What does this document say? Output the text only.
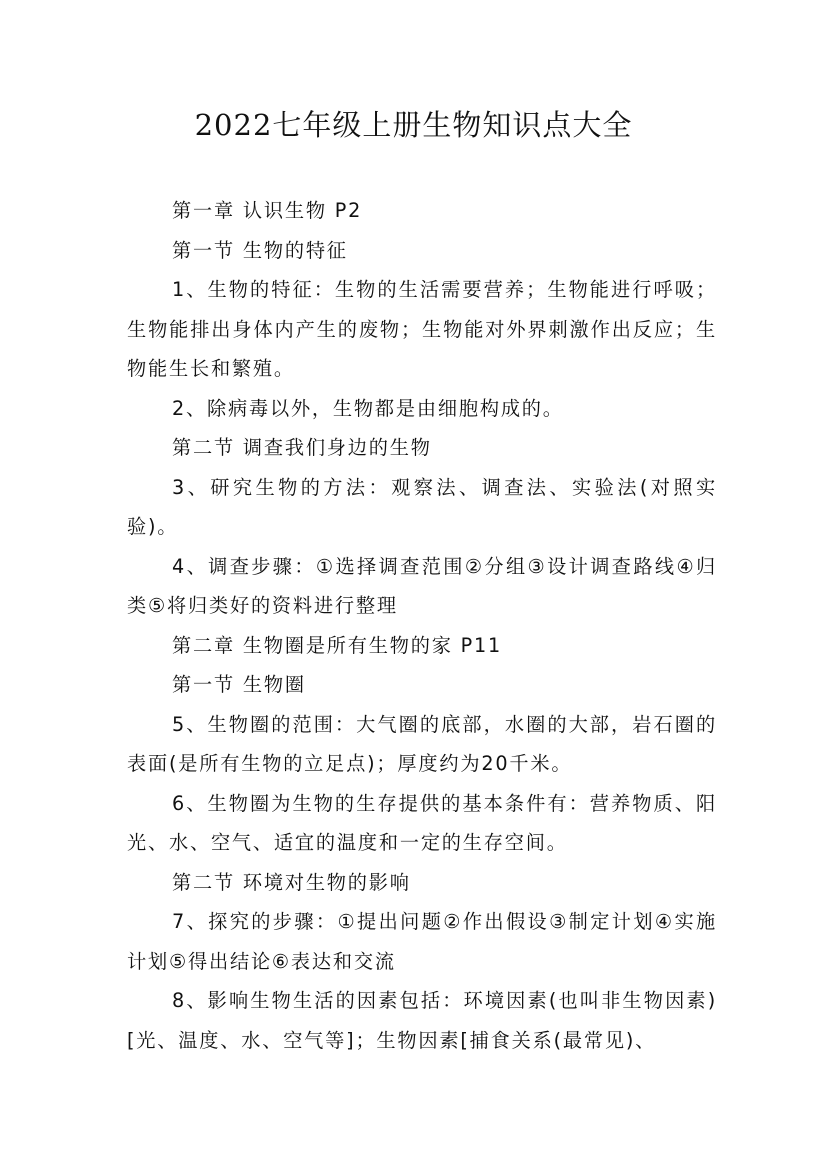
2022七年级上册生物知识点大全

第一章 认识生物 P2

第一节 生物的特征

1、生物的特征：生物的生活需要营养；生物能进行呼吸；生物能排出身体内产生的废物；生物能对外界刺激作出反应；生物能生长和繁殖。

2、除病毒以外，生物都是由细胞构成的。

第二节 调查我们身边的生物

3、研究生物的方法：观察法、调查法、实验法(对照实验)。

4、调查步骤：①选择调查范围②分组③设计调查路线④归类⑤将归类好的资料进行整理

第二章 生物圈是所有生物的家 P11

第一节 生物圈

5、生物圈的范围：大气圈的底部，水圈的大部，岩石圈的表面(是所有生物的立足点)；厚度约为20千米。

6、生物圈为生物的生存提供的基本条件有：营养物质、阳光、水、空气、适宜的温度和一定的生存空间。

第二节 环境对生物的影响

7、探究的步骤：①提出问题②作出假设③制定计划④实施计划⑤得出结论⑥表达和交流

8、影响生物生活的因素包括：环境因素(也叫非生物因素)[光、温度、水、空气等]；生物因素[捕食关系(最常见)、
